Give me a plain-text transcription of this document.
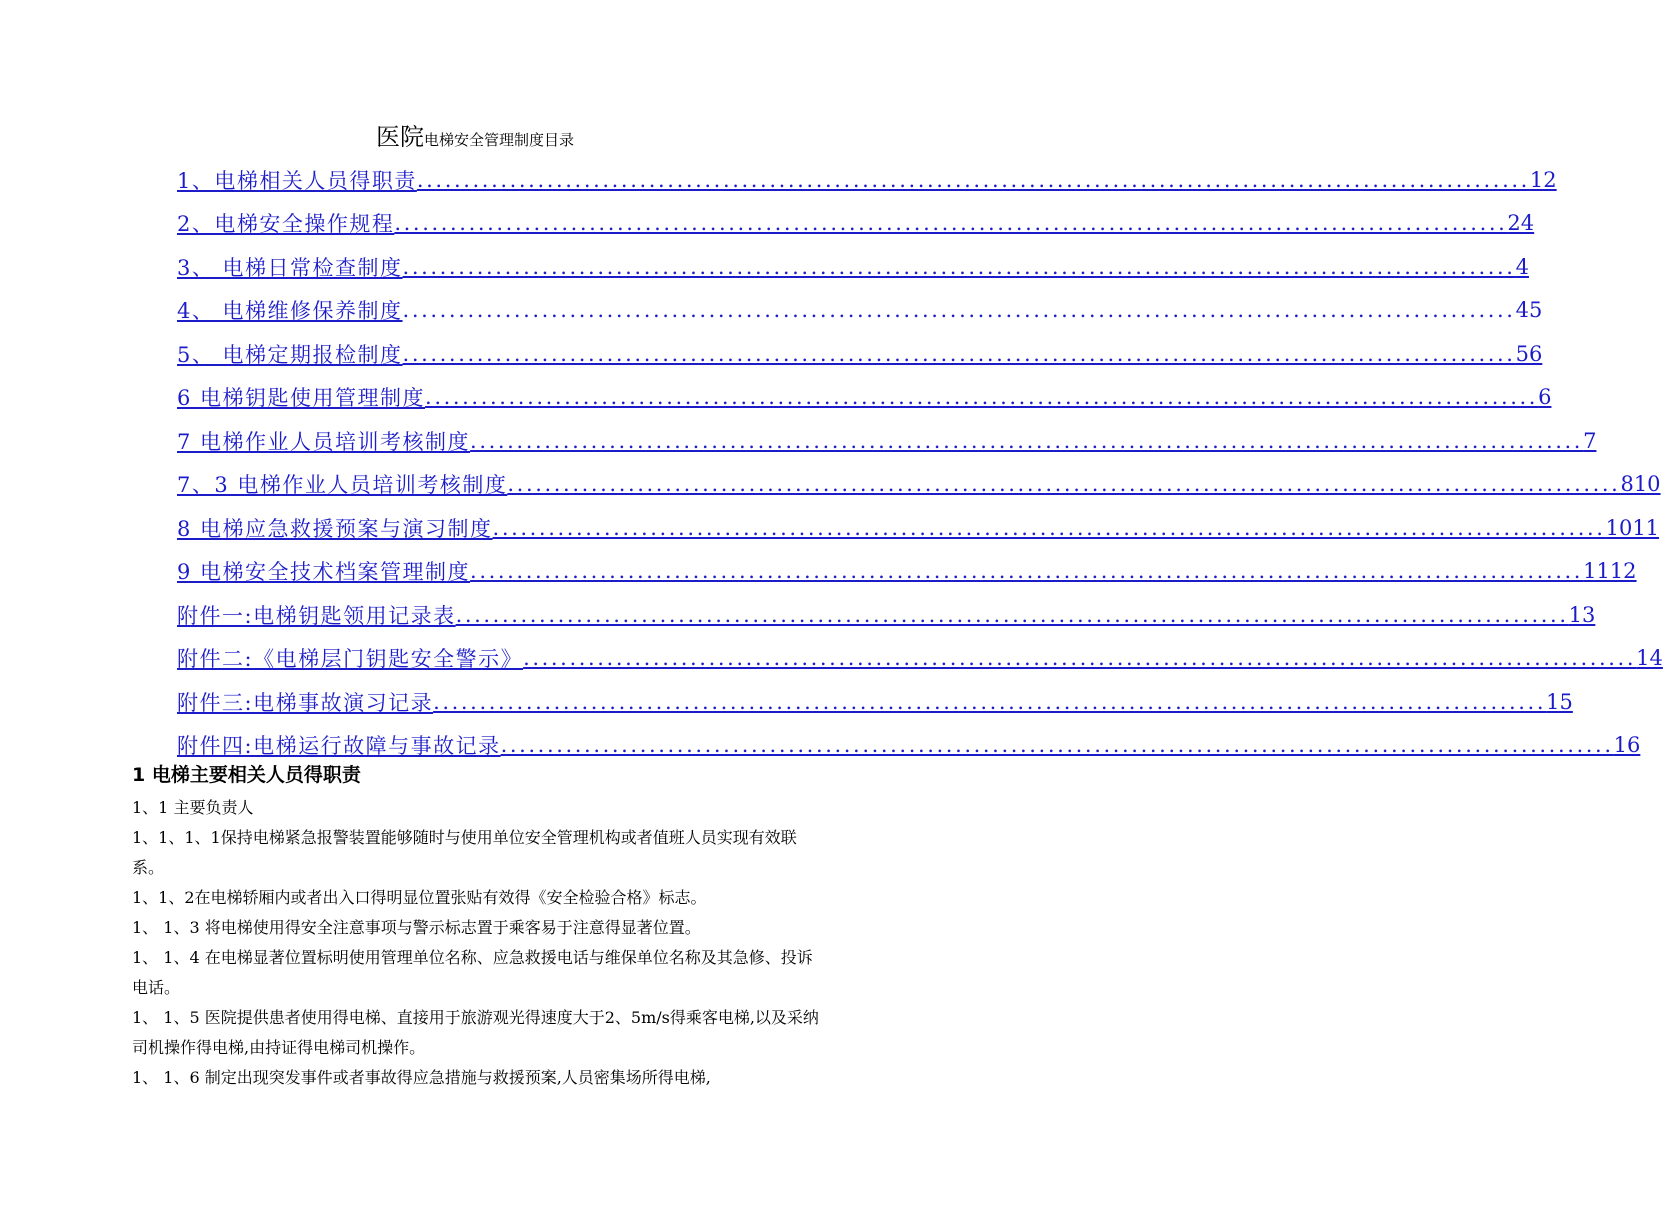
医院电梯安全管理制度目录
1、电梯相关人员得职责 ........................................................................................................................ 12
2、电梯安全操作规程 ........................................................................................................................ 24
3、 电梯日常检查制度 ........................................................................................................................ 4
4、 电梯维修保养制度 ........................................................................................................................ 45
5、 电梯定期报检制度 ........................................................................................................................ 56
6 电梯钥匙使用管理制度 ........................................................................................................................ 6
7 电梯作业人员培训考核制度 ........................................................................................................................ 7
7、3 电梯作业人员培训考核制度 ........................................................................................................................ 810
8 电梯应急救援预案与演习制度 ........................................................................................................................ 1011
9 电梯安全技术档案管理制度 ........................................................................................................................ 1112
附件一:电梯钥匙领用记录表 ........................................................................................................................ 13
附件二:《电梯层门钥匙安全警示》 ........................................................................................................................ 14
附件三:电梯事故演习记录 ........................................................................................................................ 15
附件四:电梯运行故障与事故记录 ........................................................................................................................ 16
1 电梯主要相关人员得职责

1、1 主要负责人

1、1、1、1保持电梯紧急报警装置能够随时与使用单位安全管理机构或者值班人员实现有效联系。

1、1、2在电梯轿厢内或者出入口得明显位置张贴有效得《安全检验合格》标志。

1、 1、3 将电梯使用得安全注意事项与警示标志置于乘客易于注意得显著位置。

1、 1、4 在电梯显著位置标明使用管理单位名称、应急救援电话与维保单位名称及其急修、投诉电话。

1、 1、5 医院提供患者使用得电梯、直接用于旅游观光得速度大于2、5m/s得乘客电梯,以及采纳司机操作得电梯,由持证得电梯司机操作。

1、 1、6 制定出现突发事件或者事故得应急措施与救援预案,人员密集场所得电梯,
